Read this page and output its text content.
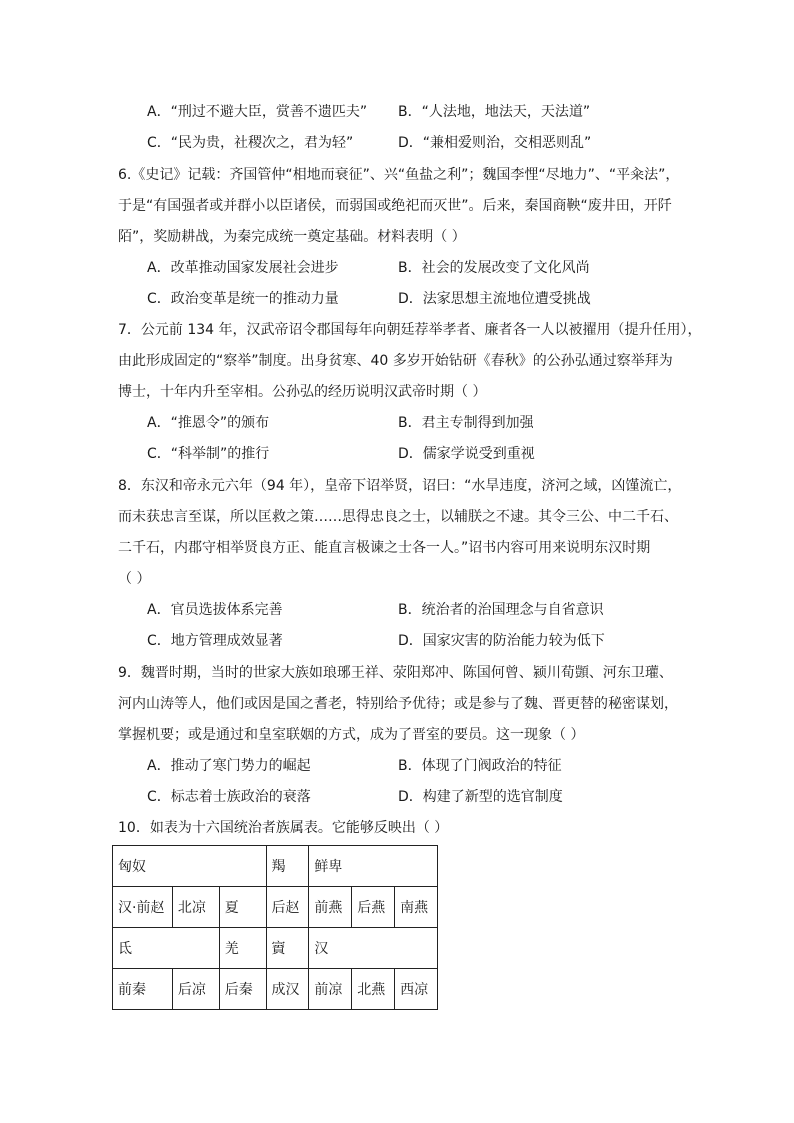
A．“刑过不避大臣，赏善不遗匹夫” B．“人法地，地法天，天法道”
C．“民为贵，社稷次之，君为轻”	D．“兼相爱则治，交相恶则乱”
6.《史记》记载：齐国管仲“相地而衰征”、兴“鱼盐之利”；魏国李悝“尽地力”、“平籴法”，
于是“有国强者或并群小以臣诸侯，而弱国或绝祀而灭世”。后来，秦国商鞅“废井田，开阡
陌”，奖励耕战，为秦完成统一奠定基础。材料表明（ ）
A．改革推动国家发展社会进步	B．社会的发展改变了文化风尚
C．政治变革是统一的推动力量	D．法家思想主流地位遭受挑战
7．公元前 134 年，汉武帝诏令郡国每年向朝廷荐举孝者、廉者各一人以被擢用（提升任用），
由此形成固定的“察举”制度。出身贫寒、40 多岁开始钻研《春秋》的公孙弘通过察举拜为
博士，十年内升至宰相。公孙弘的经历说明汉武帝时期（ ）
A．“推恩令”的颁布	B．君主专制得到加强
C．“科举制”的推行	D．儒家学说受到重视
8．东汉和帝永元六年（94 年），皇帝下诏举贤，诏曰：“水旱违度，济河之域，凶馑流亡，
而未获忠言至谋，所以匡救之策……思得忠良之士，以辅朕之不逮。其令三公、中二千石、
二千石，内郡守相举贤良方正、能直言极谏之士各一人。”诏书内容可用来说明东汉时期
（ ）
A．官员选拔体系完善	B．统治者的治国理念与自省意识
C．地方管理成效显著	D．国家灾害的防治能力较为低下
9．魏晋时期，当时的世家大族如琅琊王祥、荥阳郑冲、陈国何曾、颍川荀顗、河东卫瓘、
河内山涛等人，他们或因是国之耆老，特别给予优待；或是参与了魏、晋更替的秘密谋划，
掌握机要；或是通过和皇室联姻的方式，成为了晋室的要员。这一现象（ ）
A．推动了寒门势力的崛起	B．体现了门阀政治的特征
C．标志着士族政治的衰落	D．构建了新型的选官制度
10．如表为十六国统治者族属表。它能够反映出（ ）
匈奴			羯	鲜卑		
汉·前赵	北凉	夏	后赵	前燕	后燕	南燕
氐		羌	賨	汉		
前秦	后凉	后秦	成汉	前凉	北燕	西凉
